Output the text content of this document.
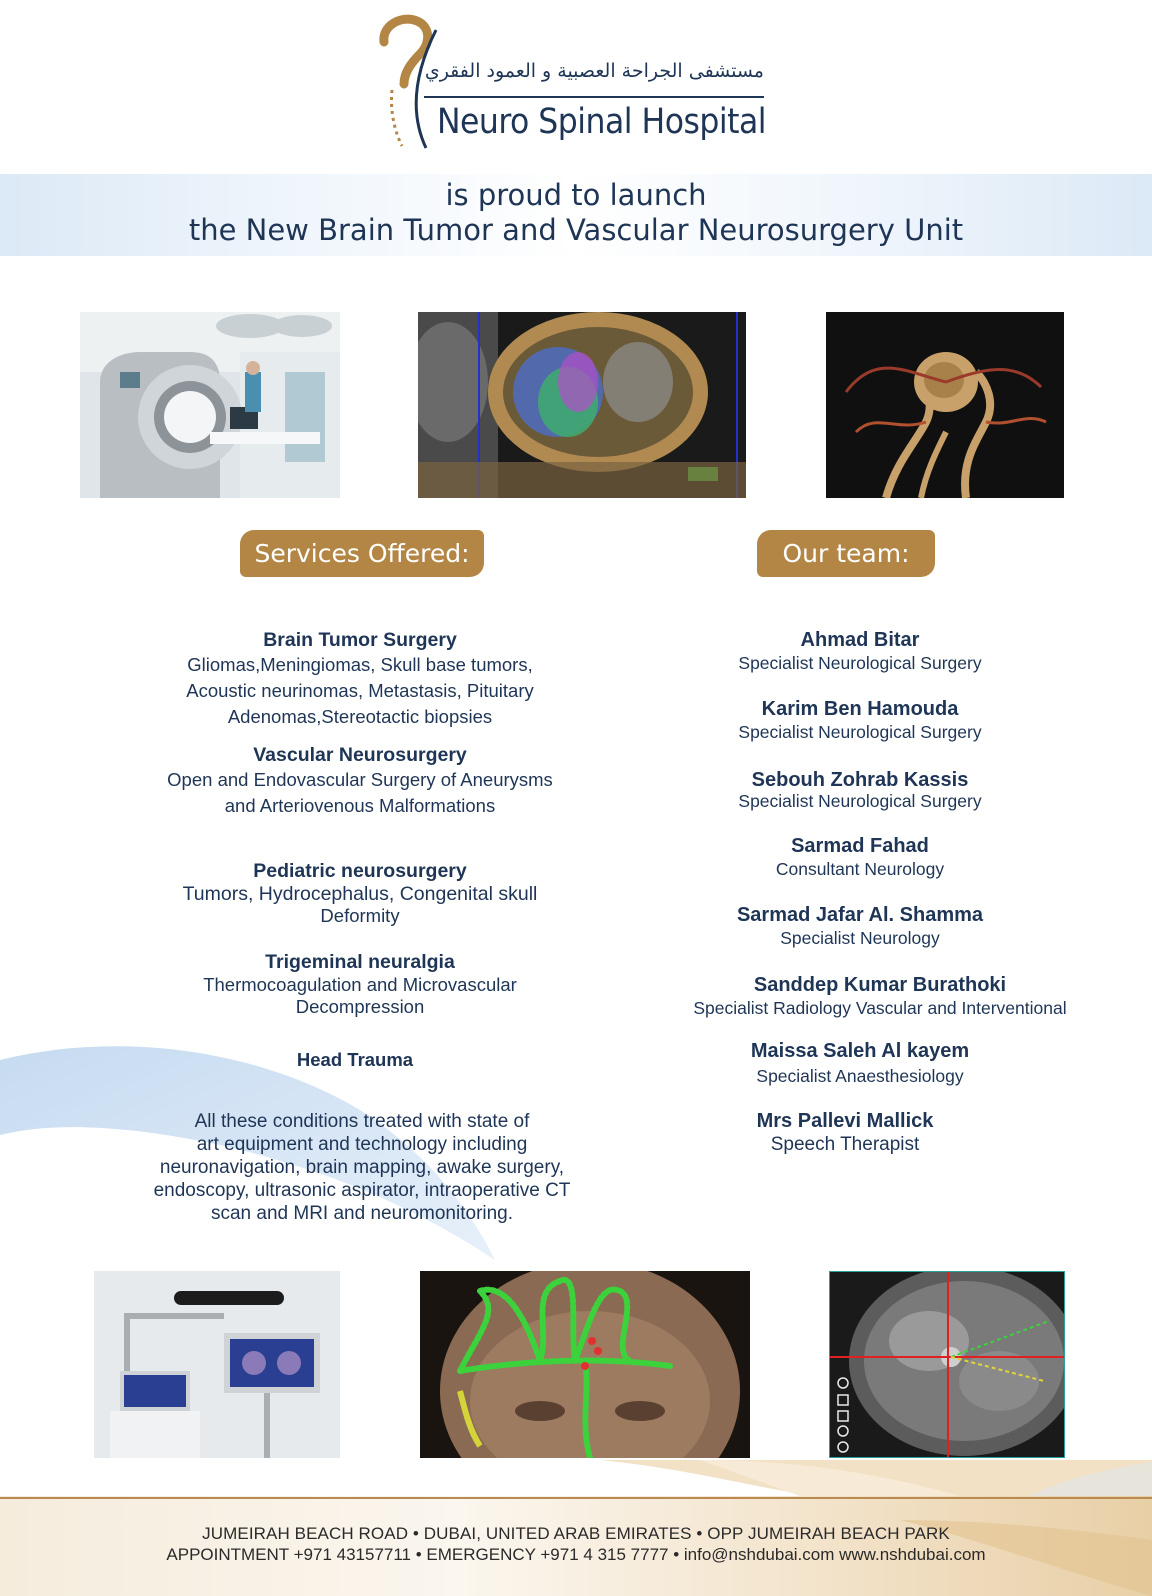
مستشفى الجراحة العصبية و العمود الفقري
Neuro Spinal Hospital
is proud to launch
the New Brain Tumor and Vascular Neurosurgery Unit
Services Offered:	Our team:
Brain Tumor Surgery
Gliomas,Meningiomas, Skull base tumors,
Acoustic neurinomas, Metastasis, Pituitary
Adenomas,Stereotactic biopsies
Vascular Neurosurgery
Open and Endovascular Surgery of Aneurysms
and Arteriovenous Malformations
Pediatric neurosurgery
Tumors, Hydrocephalus, Congenital skull
Deformity
Trigeminal neuralgia
Thermocoagulation and Microvascular
Decompression
Head Trauma
All these conditions treated with state of
art equipment and technology including
neuronavigation, brain mapping, awake surgery,
endoscopy, ultrasonic aspirator, intraoperative CT
scan and MRI and neuromonitoring.
Ahmad Bitar
Specialist Neurological Surgery
Karim Ben Hamouda
Specialist Neurological Surgery
Sebouh Zohrab Kassis
Specialist Neurological Surgery
Sarmad Fahad
Consultant Neurology
Sarmad Jafar Al. Shamma
Specialist Neurology
Sanddep Kumar Burathoki
Specialist Radiology Vascular and Interventional
Maissa Saleh Al kayem
Specialist Anaesthesiology
Mrs Pallevi Mallick
Speech Therapist
JUMEIRAH BEACH ROAD • DUBAI, UNITED ARAB EMIRATES • OPP JUMEIRAH BEACH PARK
APPOINTMENT +971 43157711 • EMERGENCY +971 4 315 7777 • info@nshdubai.com www.nshdubai.com
